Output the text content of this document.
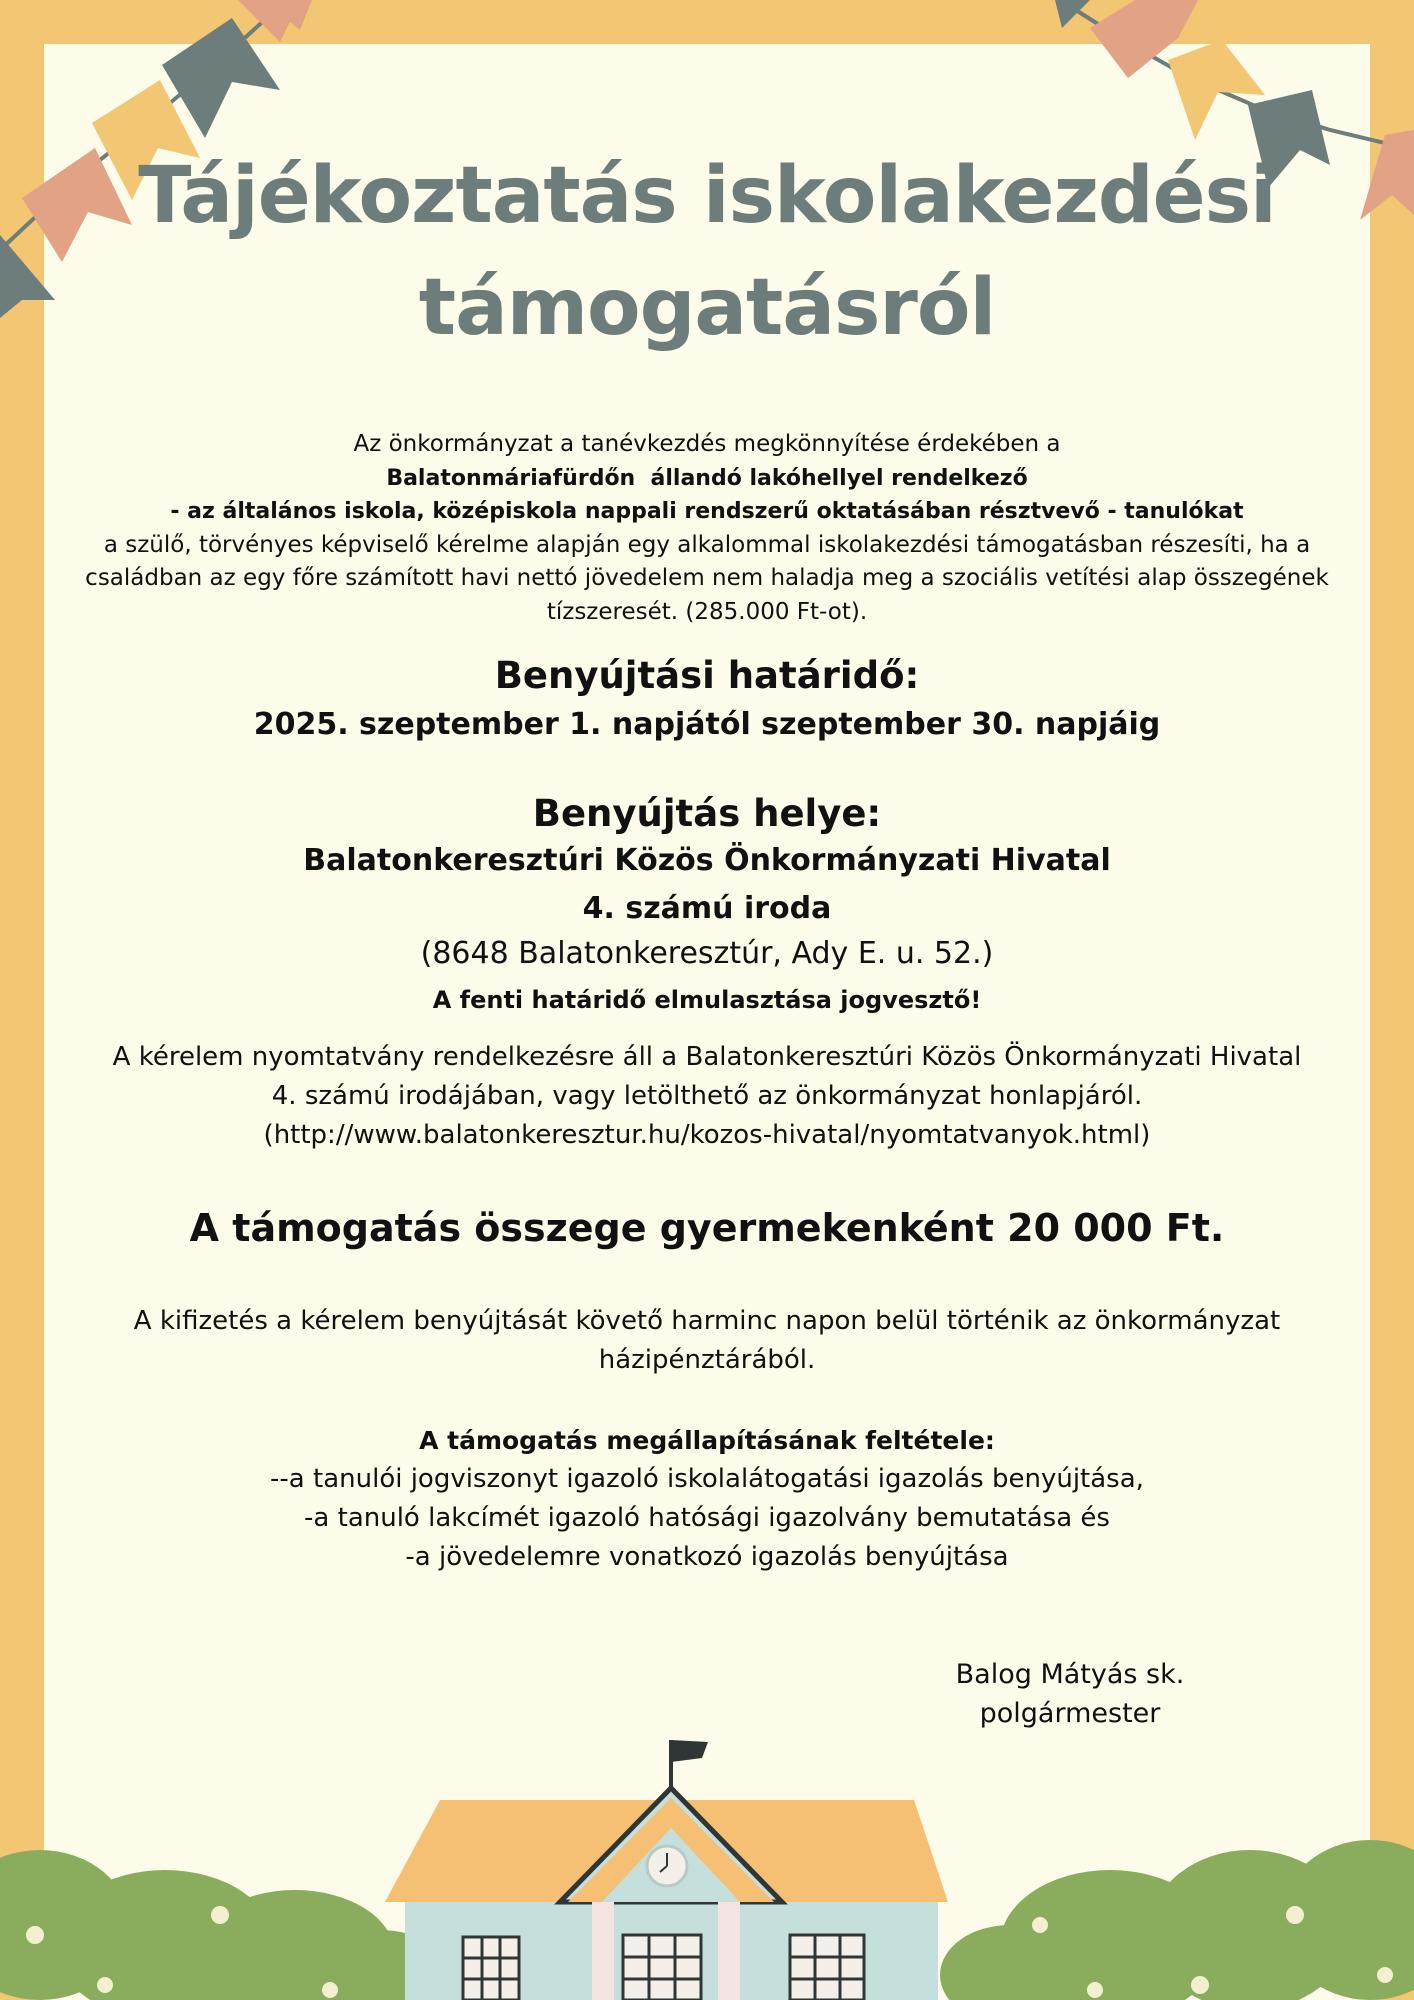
Tájékoztatás iskolakezdési
támogatásról
Az önkormányzat a tanévkezdés megkönnyítése érdekében a
Balatonmáriafürdőn  állandó lakóhellyel rendelkező
- az általános iskola, középiskola nappali rendszerű oktatásában résztvevő - tanulókat
a szülő, törvényes képviselő kérelme alapján egy alkalommal iskolakezdési támogatásban részesíti, ha a
családban az egy főre számított havi nettó jövedelem nem haladja meg a szociális vetítési alap összegének
tízszeresét. (285.000 Ft-ot).
Benyújtási határidő:
2025. szeptember 1. napjától szeptember 30. napjáig
Benyújtás helye:
Balatonkeresztúri Közös Önkormányzati Hivatal
4. számú iroda
(8648 Balatonkeresztúr, Ady E. u. 52.)
A fenti határidő elmulasztása jogvesztő!
A kérelem nyomtatvány rendelkezésre áll a Balatonkeresztúri Közös Önkormányzati Hivatal
4. számú irodájában, vagy letölthető az önkormányzat honlapjáról.
(http://www.balatonkeresztur.hu/kozos-hivatal/nyomtatvanyok.html)
A támogatás összege gyermekenként 20 000 Ft.
A kifizetés a kérelem benyújtását követő harminc napon belül történik az önkormányzat
házipénztárából.
A támogatás megállapításának feltétele:
--a tanulói jogviszonyt igazoló iskolalátogatási igazolás benyújtása,
-a tanuló lakcímét igazoló hatósági igazolvány bemutatása és
-a jövedelemre vonatkozó igazolás benyújtása
Balog Mátyás sk.
polgármester
